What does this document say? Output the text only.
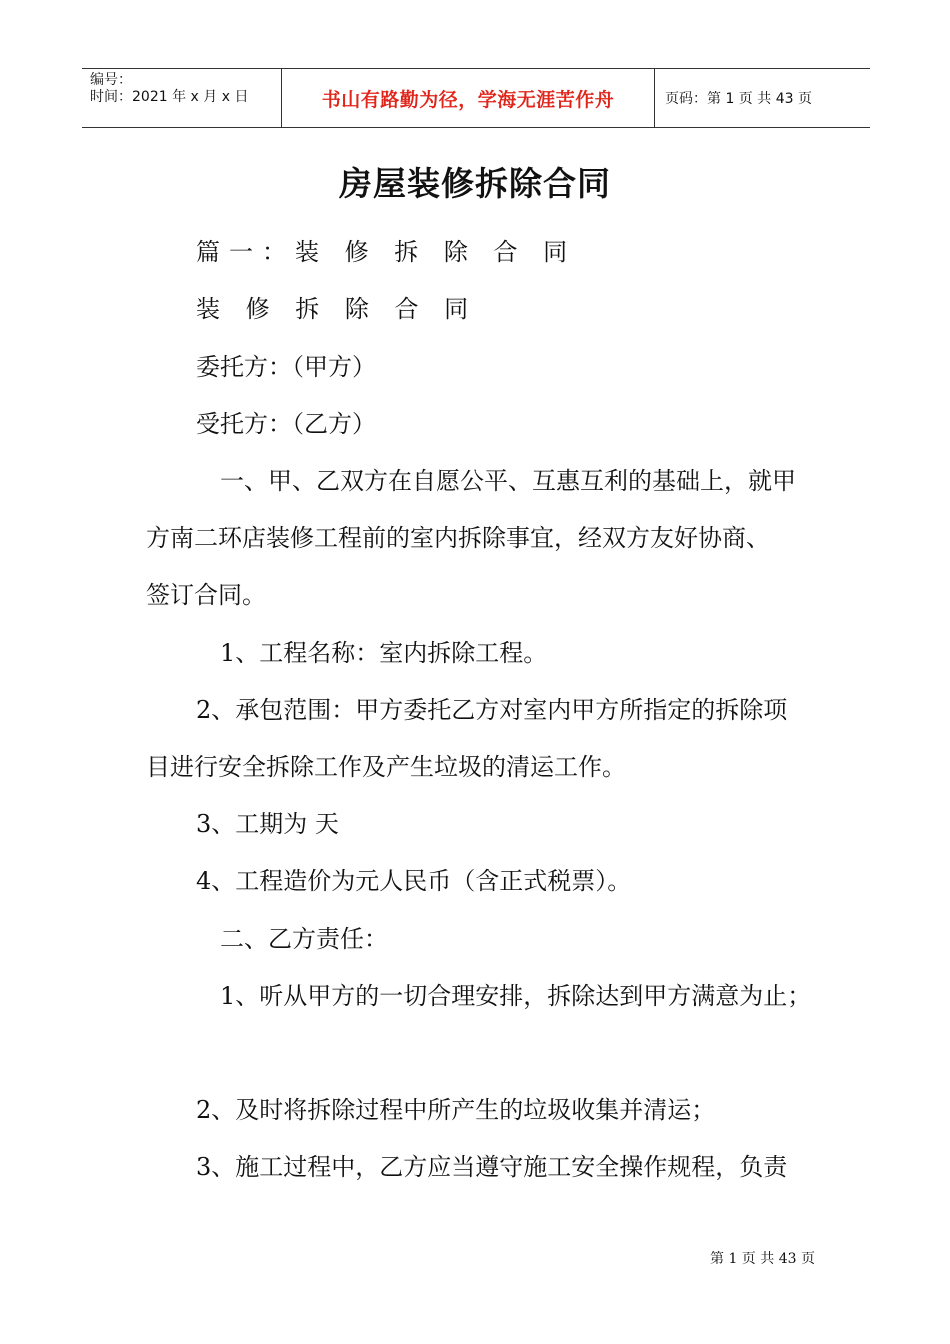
编号：
时间：2021 年 x 月 x 日	书山有路勤为径，学海无涯苦作舟	页码：第 1 页 共 43 页
房屋装修拆除合同
篇一：装 修 拆 除 合 同
装 修 拆 除 合 同
委托方：（甲方）
受托方：（乙方）
一、甲、乙双方在自愿公平、互惠互利的基础上，就甲
方南二环店装修工程前的室内拆除事宜，经双方友好协商、
签订合同。
1、工程名称：室内拆除工程。
2、承包范围：甲方委托乙方对室内甲方所指定的拆除项
目进行安全拆除工作及产生垃圾的清运工作。
3、工期为 天
4、工程造价为元人民币（含正式税票）。
二、乙方责任：
1、听从甲方的一切合理安排，拆除达到甲方满意为止；
2、及时将拆除过程中所产生的垃圾收集并清运；
3、施工过程中，乙方应当遵守施工安全操作规程，负责
第 1 页 共 43 页
